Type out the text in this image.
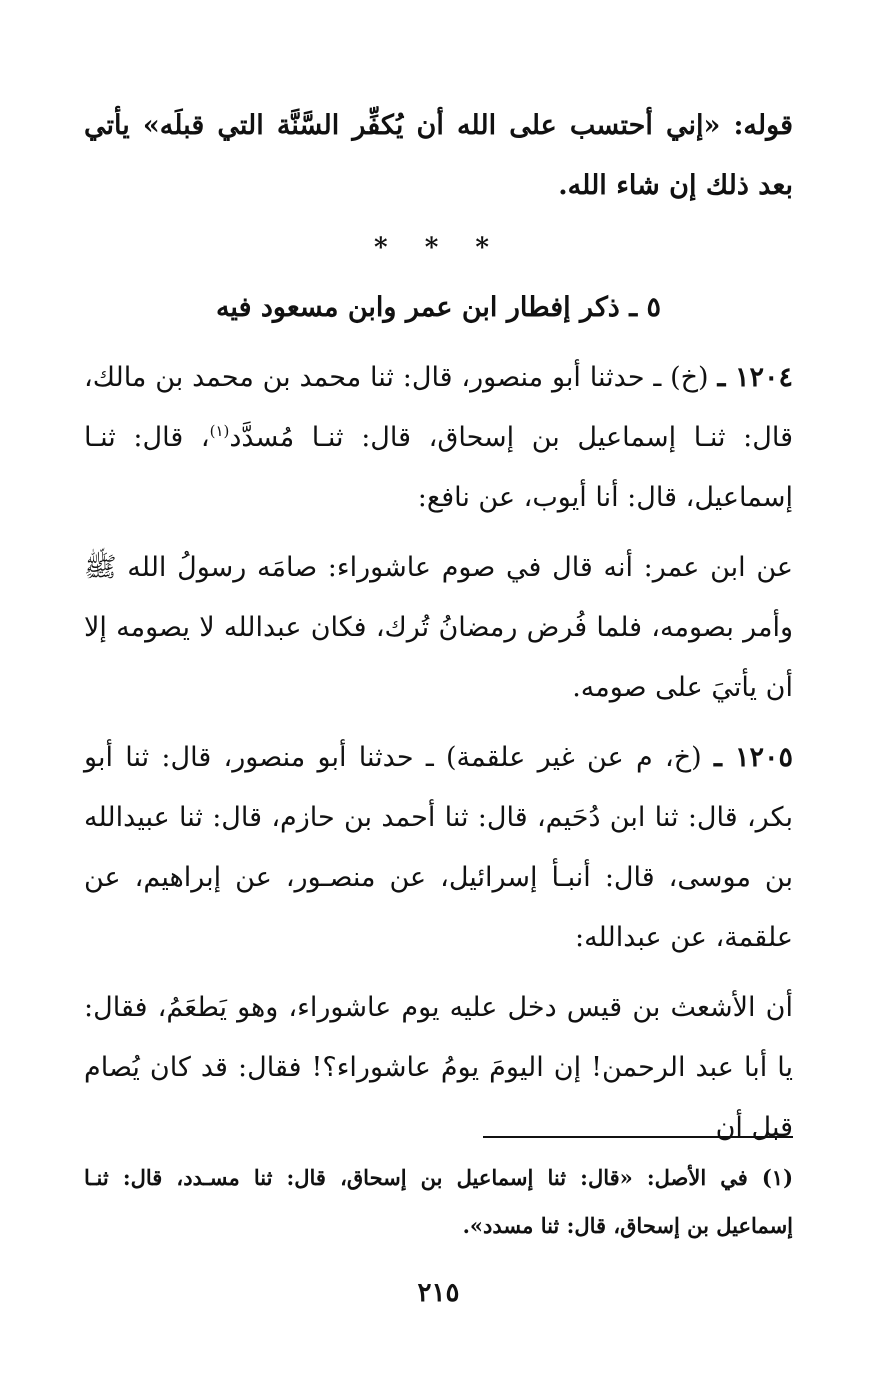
قوله: «إني أحتسب على الله أن يُكفِّر السَّنَّة التي قبلَه» يأتي بعد ذلك إن شاء الله.

* * *
٥ ـ ذكر إفطار ابن عمر وابن مسعود فيه

١٢٠٤ ـ (خ) ـ حدثنا أبو منصور، قال: ثنا محمد بن محمد بن مالك، قال: ثنـا إسماعيل بن إسحاق، قال: ثنـا مُسدَّد$^{(١)}$، قال: ثنـا إسماعيل، قال: أنا أيوب، عن نافع:

عن ابن عمر: أنه قال في صوم عاشوراء: صامَه رسولُ الله ﷺ وأمر بصومه، فلما فُرض رمضانُ تُرك، فكان عبدالله لا يصومه إلا أن يأتيَ على صومه.

١٢٠٥ ـ (خ، م عن غير علقمة) ـ حدثنا أبو منصور، قال: ثنا أبو بكر، قال: ثنا ابن دُحَيم، قال: ثنا أحمد بن حازم، قال: ثنا عبيدالله بن موسى، قال: أنبـأ إسرائيل، عن منصـور، عن إبراهيم، عن علقمة، عن عبدالله:

أن الأشعث بن قيس دخل عليه يوم عاشوراء، وهو يَطعَمُ، فقال: يا أبا عبد الرحمن! إن اليومَ يومُ عاشوراء؟! فقال: قد كان يُصام قبل أن

(١)في الأصل: «قال: ثنا إسماعيل بن إسحاق، قال: ثنا مسـدد، قال: ثنـا إسماعيل بن إسحاق، قال: ثنا مسدد».
٢١٥
